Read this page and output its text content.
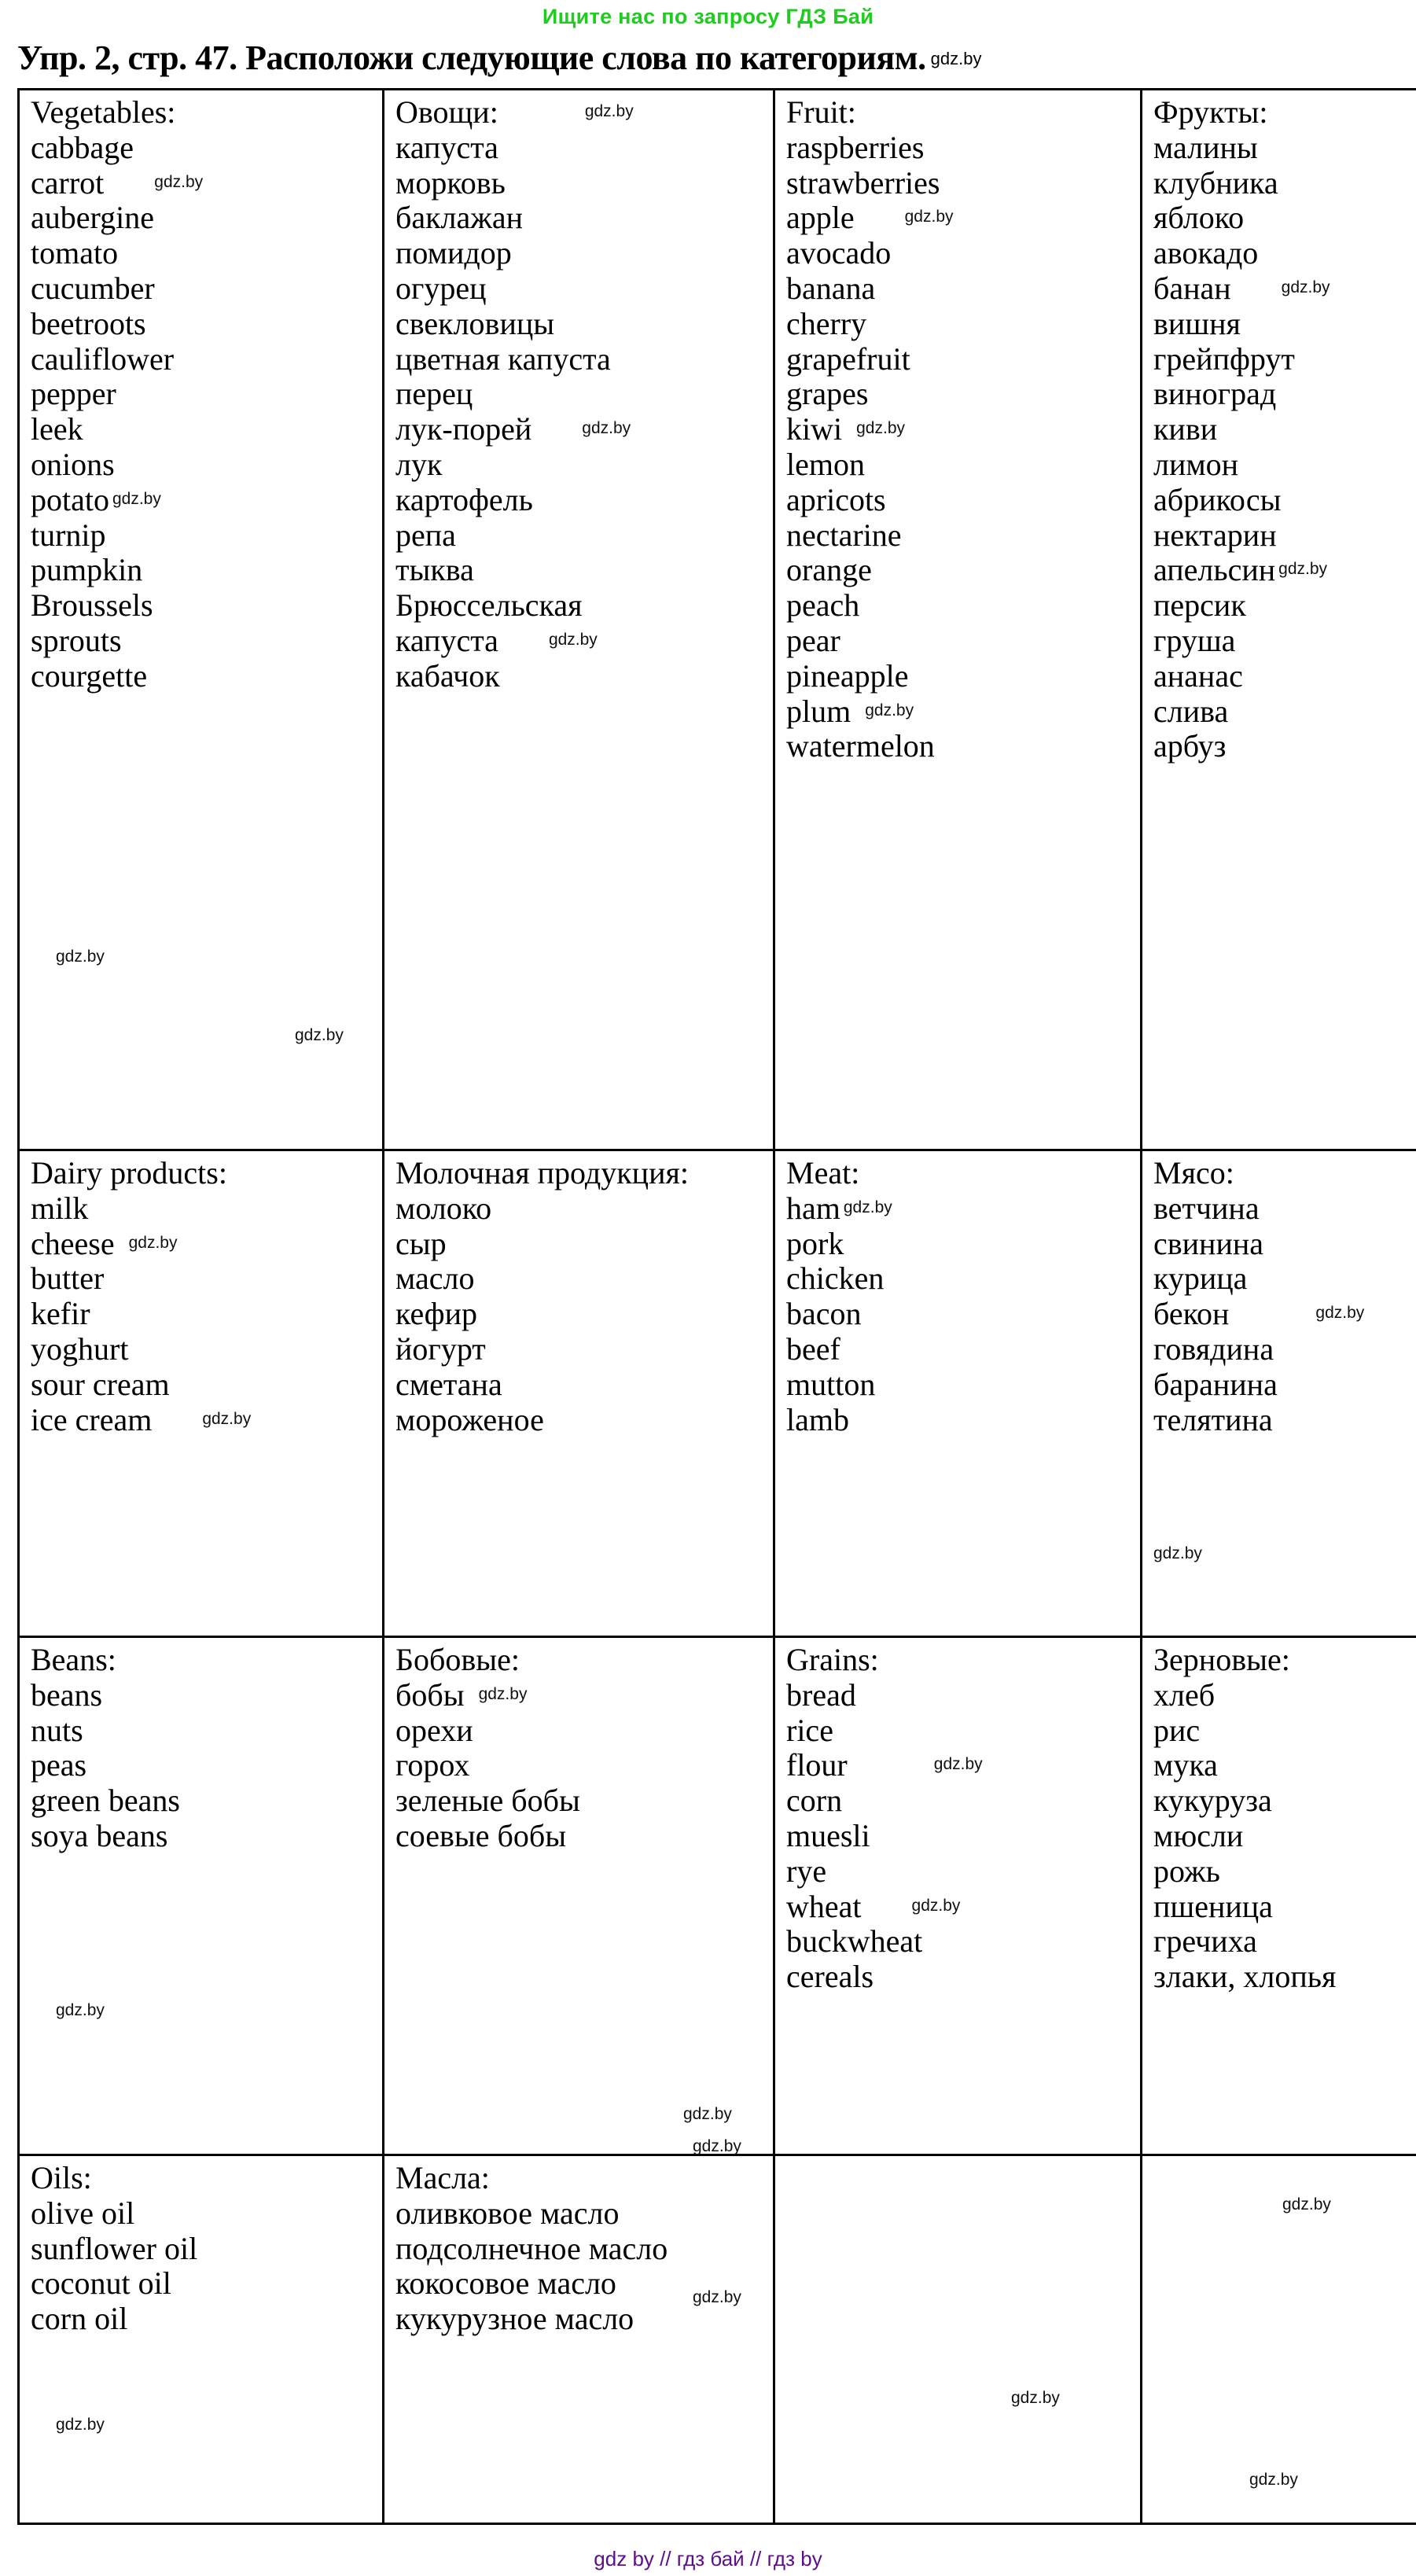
Ищите нас по запросу ГДЗ Бай
Упр. 2, стр. 47. Расположи следующие слова по категориям. gdz.by
Vegetables:
cabbage
carrot	$^{gdz.by}$
aubergine
tomato
cucumber
beetroots
cauliflower
pepper
leek
onions
potato $^{gdz.by}$
turnip
pumpkin
Broussels
sprouts
courgette
gdz.by
gdz.by

Овощи:	$^{gdz.by}$
капуста
морковь
баклажан
помидор
огурец
свекловицы
цветная капуста
перец
лук-порей	$^{gdz.by}$
лук
картофель
репа
тыква
Брюссельская
капуста	$^{gdz.by}$
кабачок

Fruit:
raspberries
strawberries
apple	$^{gdz.by}$
avocado
banana
cherry
grapefruit
grapes
kiwi $^{gdz.by}$
lemon
apricots
nectarine
orange
peach
pear
pineapple
plum $^{gdz.by}$
watermelon

Фрукты:
малины
клубника
яблоко
авокадо
банан	$^{gdz.by}$
вишня
грейпфрут
виноград
киви
лимон
абрикосы
нектарин
апельсин $^{gdz.by}$
персик
груша
ананас
слива
арбуз

Dairy products:
milk
cheese $^{gdz.by}$
butter
kefir
yoghurt
sour cream
ice cream	$^{gdz.by}$

Молочная продукция:
молоко
сыр
масло
кефир
йогурт
сметана
мороженое

Meat:
ham $^{gdz.by}$
pork
chicken
bacon
beef
mutton
lamb

Мясо:
ветчина
свинина
курица
бекон	$^{gdz.by}$
говядина
баранина
телятина
gdz.by

Beans:
beans
nuts
peas
green beans
soya beans
gdz.by

Бобовые:
бобы $^{gdz.by}$
орехи
горох
зеленые бобы
соевые бобы
gdz.by

Grains:
bread
rice
flour	$^{gdz.by}$
corn
muesli
rye
wheat	$^{gdz.by}$
buckwheat
cereals

Зерновые:
хлеб
рис
мука
кукуруза
мюсли
рожь
пшеница
гречиха
злаки, хлопья

Oils:
olive oil
sunflower oil
coconut oil
corn oil
gdz.by

Масла:
оливковое масло
подсолнечное масло
кокосовое масло
кукурузное масло
gdz.by
gdz.by

gdz.by

gdz.by
gdz.by
gdz by // гдз бай // гдз by
